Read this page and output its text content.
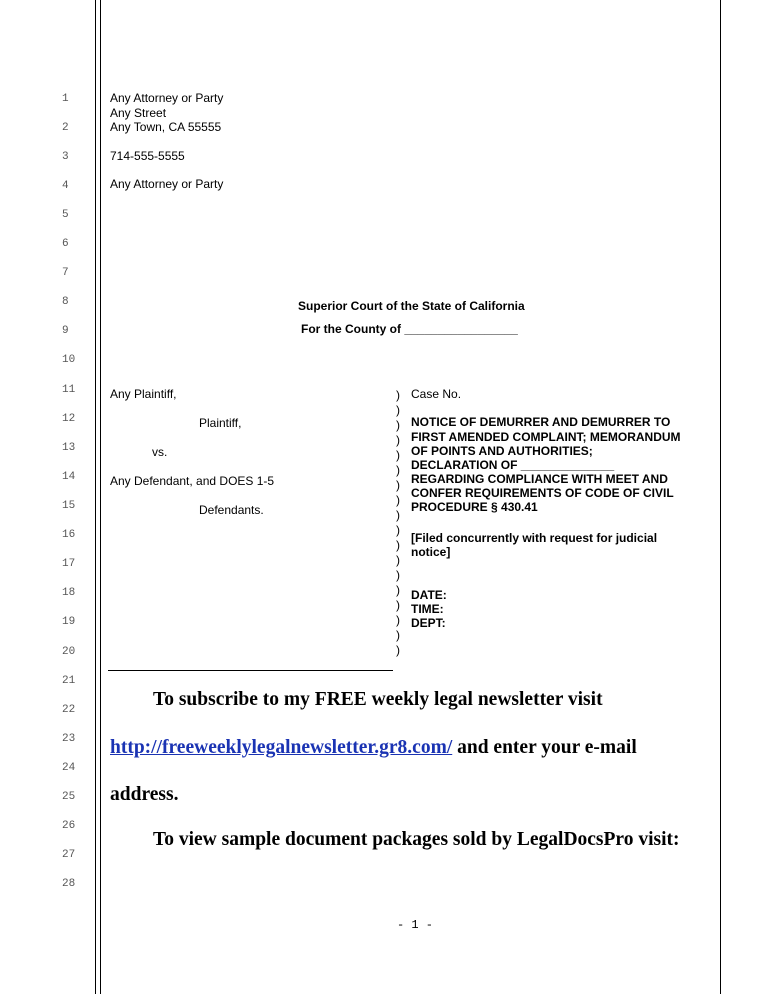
1
2
3
4
5
6
7
8
9
10
11
12
13
14
15
16
17
18
19
20
21
22
23
24
25
26
27
28
Any Attorney or Party
Any Street
Any Town, CA 55555
714-555-5555
Any Attorney or Party
Superior Court of the State of California
For the County of _________________
Any Plaintiff,
Plaintiff,
vs.
Any Defendant, and DOES 1-5
Defendants.
)
)
)
)
)
)
)
)
)
)
)
)
)
)
)
)
)
)
Case No.
NOTICE OF DEMURRER AND DEMURRER TO
FIRST AMENDED COMPLAINT; MEMORANDUM
OF POINTS AND AUTHORITIES;
DECLARATION OF ______________
REGARDING COMPLIANCE WITH MEET AND
CONFER REQUIREMENTS OF CODE OF CIVIL
PROCEDURE § 430.41
[Filed concurrently with request for judicial
notice]
DATE:
TIME:
DEPT:
To subscribe to my FREE weekly legal newsletter visit
http://freeweeklylegalnewsletter.gr8.com/ and enter your e-mail
address.
To view sample document packages sold by LegalDocsPro visit:
- 1 -
